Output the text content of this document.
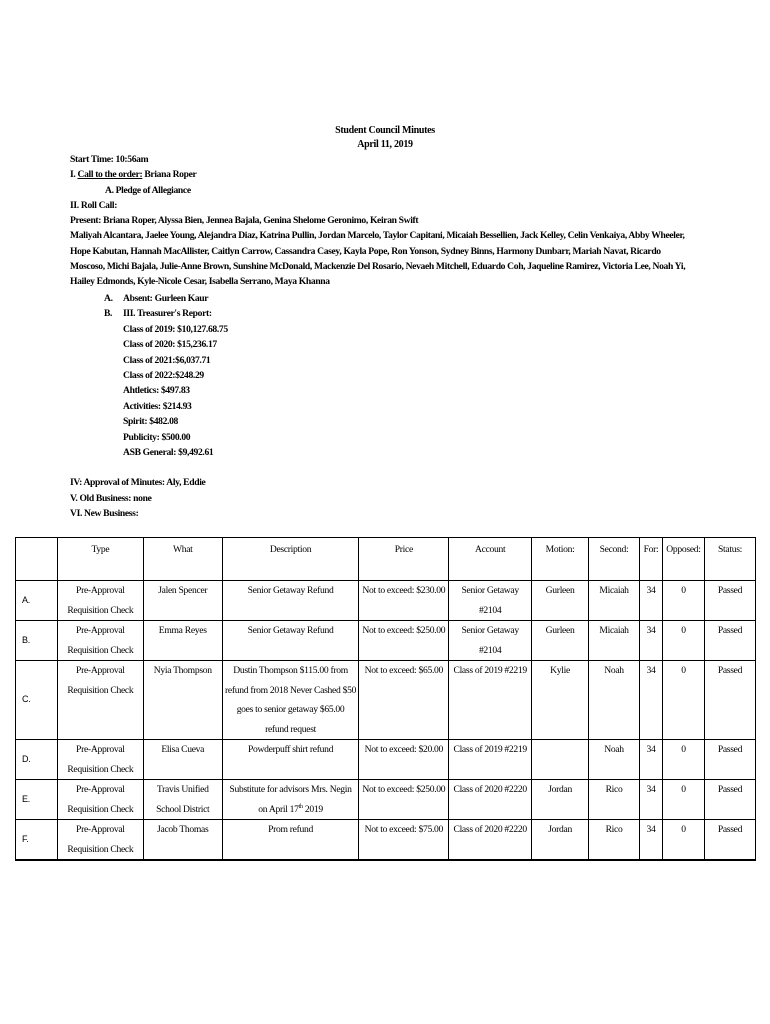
Student Council Minutes
April 11, 2019
Start Time: 10:56am
I. Call to the order: Briana Roper
A. Pledge of Allegiance
II. Roll Call:
Present: Briana Roper, Alyssa Bien, Jennea Bajala, Genina Shelome Geronimo, Keiran Swift
Maliyah Alcantara, Jaelee Young, Alejandra Diaz, Katrina Pullin, Jordan Marcelo, Taylor Capitani, Micaiah Bessellien, Jack Kelley, Celin Venkaiya, Abby Wheeler, Hope Kabutan, Hannah MacAllister, Caitlyn Carrow, Cassandra Casey, Kayla Pope, Ron Yonson, Sydney Binns, Harmony Dunbarr, Mariah Navat, Ricardo Moscoso, Michi Bajala, Julie-Anne Brown, Sunshine McDonald, Mackenzie Del Rosario, Nevaeh Mitchell, Eduardo Coh, Jaqueline Ramirez, Victoria Lee, Noah Yi, Hailey Edmonds, Kyle-Nicole Cesar, Isabella Serrano, Maya Khanna
A. Absent: Gurleen Kaur
B. III. Treasurer's Report:
Class of 2019: $10,127.68.75
Class of 2020: $15,236.17
Class of 2021:$6,037.71
Class of 2022:$248.29
Ahtletics: $497.83
Activities: $214.93
Spirit: $482.08
Publicity: $500.00
ASB General: $9,492.61
IV: Approval of Minutes: Aly, Eddie
V. Old Business: none
VI. New Business:
	Type	What	Description	Price	Account	Motion:	Second:	For:	Opposed:	Status:
A.	Pre-Approval Requisition Check	Jalen Spencer	Senior Getaway Refund	Not to exceed: $230.00	Senior Getaway #2104	Gurleen	Micaiah	34	0	Passed
B.	Pre-Approval Requisition Check	Emma Reyes	Senior Getaway Refund	Not to exceed: $250.00	Senior Getaway #2104	Gurleen	Micaiah	34	0	Passed
C.	Pre-Approval Requisition Check	Nyia Thompson	Dustin Thompson $115.00 from refund from 2018 Never Cashed $50 goes to senior getaway $65.00 refund request	Not to exceed: $65.00	Class of 2019 #2219	Kylie	Noah	34	0	Passed
D.	Pre-Approval Requisition Check	Elisa Cueva	Powderpuff shirt refund	Not to exceed: $20.00	Class of 2019 #2219		Noah	34	0	Passed
E.	Pre-Approval Requisition Check	Travis Unified School District	Substitute for advisors Mrs. Negin on April 17th 2019	Not to exceed: $250.00	Class of 2020 #2220	Jordan	Rico	34	0	Passed
F.	Pre-Approval Requisition Check	Jacob Thomas	Prom refund	Not to exceed: $75.00	Class of 2020 #2220	Jordan	Rico	34	0	Passed
